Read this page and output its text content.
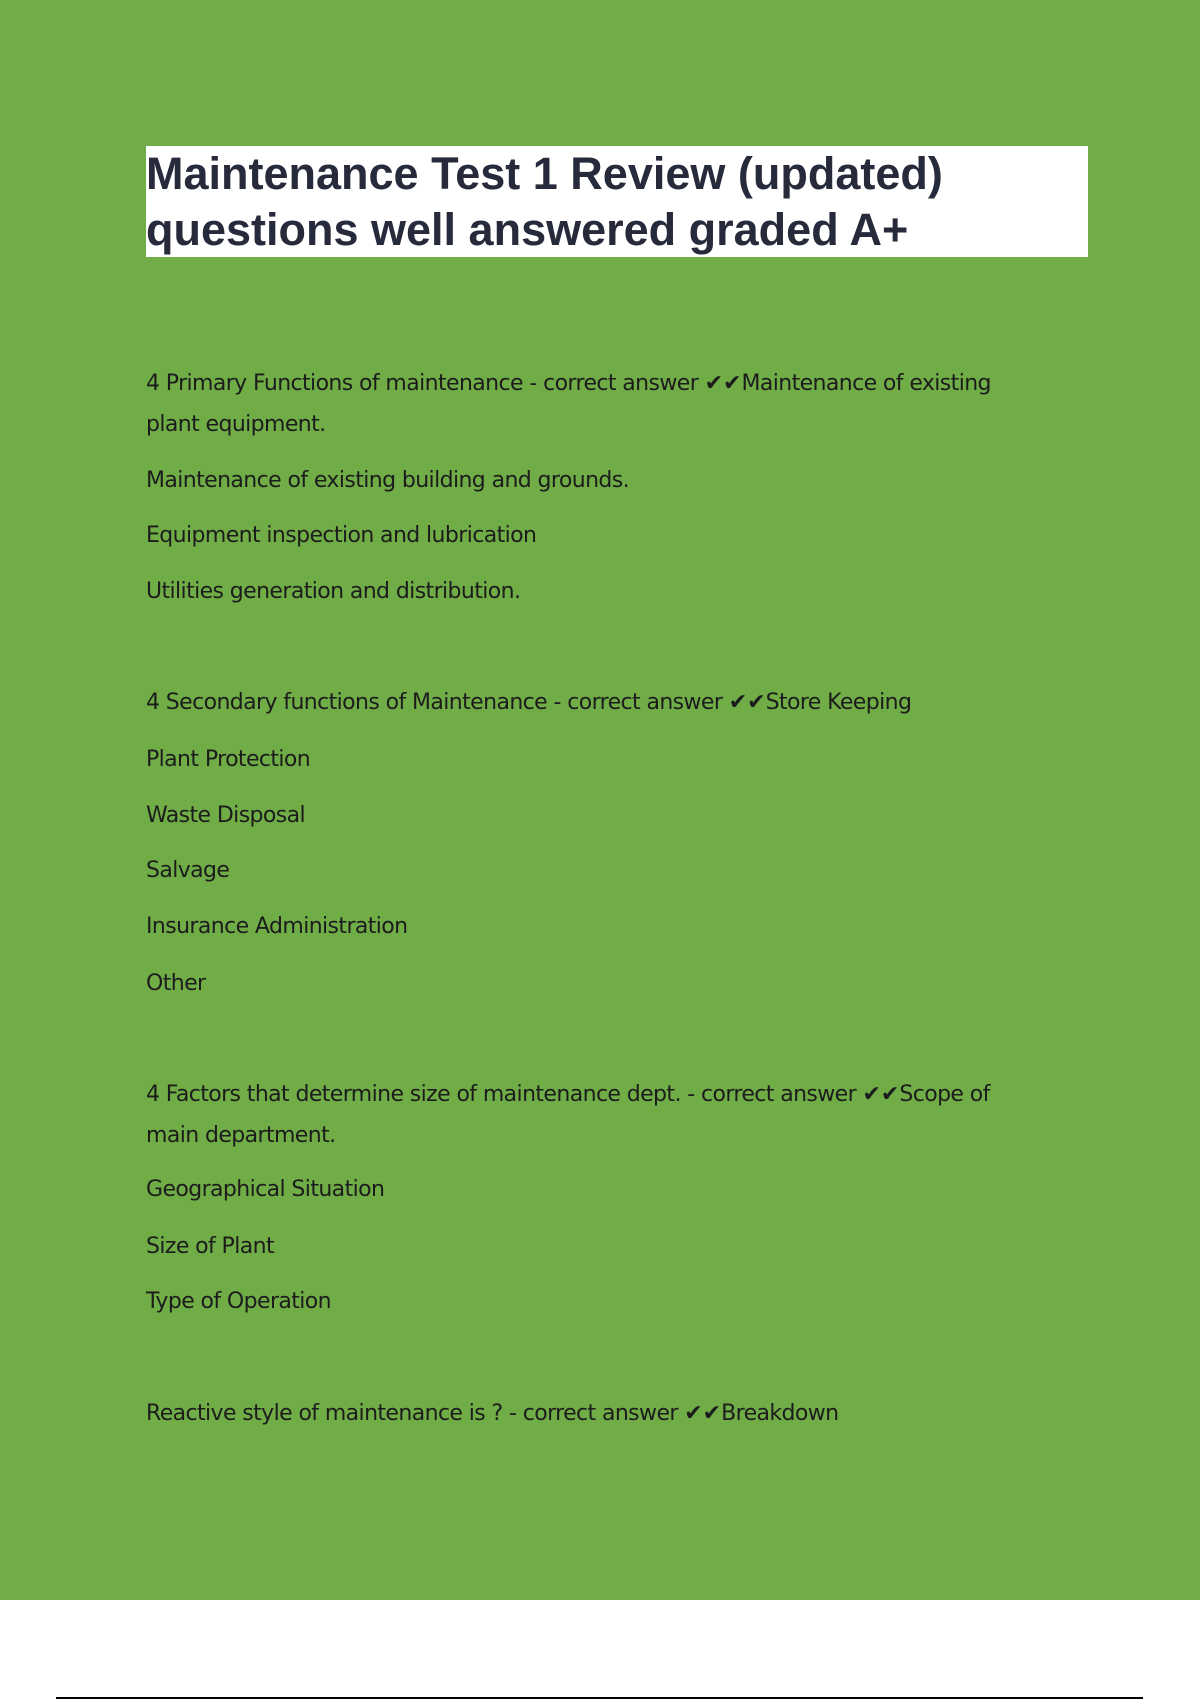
Maintenance Test 1 Review (updated)
questions well answered graded A+
4 Primary Functions of maintenance - correct answer ✔✔Maintenance of existing
plant equipment.
Maintenance of existing building and grounds.
Equipment inspection and lubrication
Utilities generation and distribution.
4 Secondary functions of Maintenance - correct answer ✔✔Store Keeping
Plant Protection
Waste Disposal
Salvage
Insurance Administration
Other
4 Factors that determine size of maintenance dept. - correct answer ✔✔Scope of
main department.
Geographical Situation
Size of Plant
Type of Operation
Reactive style of maintenance is ? - correct answer ✔✔Breakdown
